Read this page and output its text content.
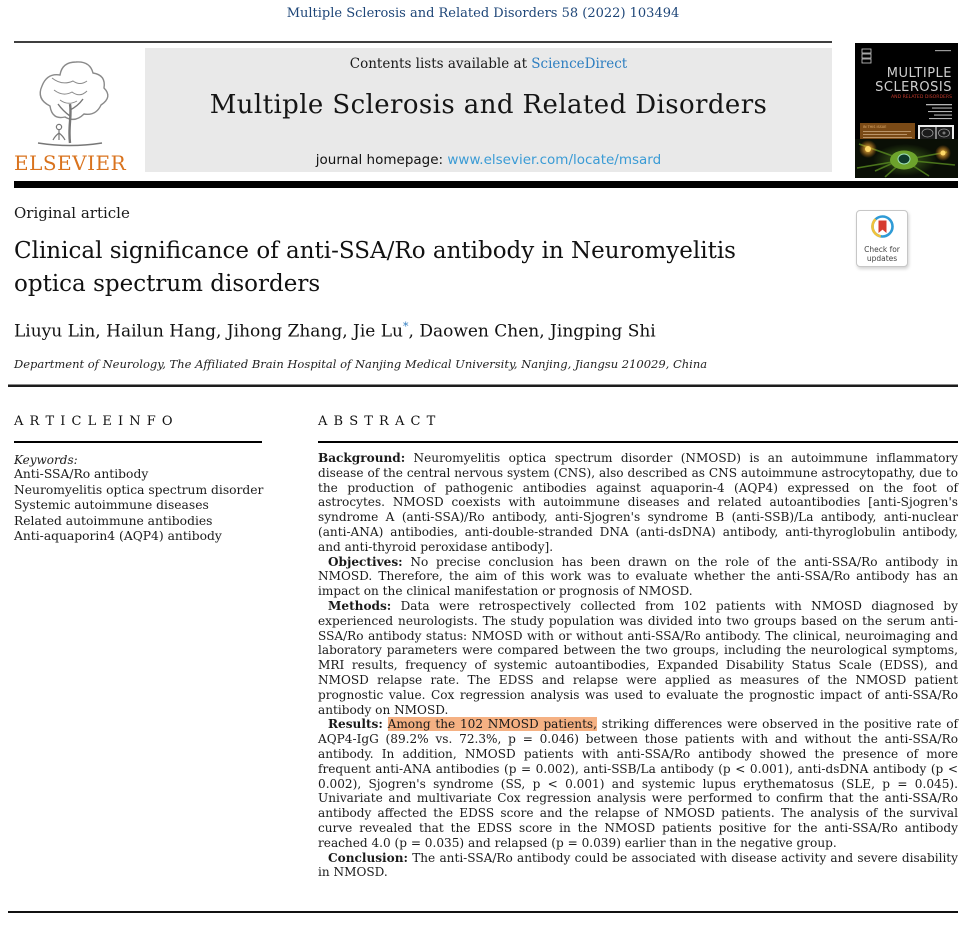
Multiple Sclerosis and Related Disorders 58 (2022) 103494
ELSEVIER
Contents lists available at ScienceDirect
Multiple Sclerosis and Related Disorders
journal homepage: www.elsevier.com/locate/msard
MULTIPLE
SCLEROSIS
AND RELATED DISORDERS
IN THIS ISSUE
Original article
Clinical significance of anti-SSA/Ro antibody in Neuromyelitis optica spectrum disorders
Check for
updates
Liuyu Lin, Hailun Hang, Jihong Zhang, Jie Lu*, Daowen Chen, Jingping Shi
Department of Neurology, The Affiliated Brain Hospital of Nanjing Medical University, Nanjing, Jiangsu 210029, China
A R T I C L E I N F O
Keywords:
Anti-SSA/Ro antibody
Neuromyelitis optica spectrum disorder
Systemic autoimmune diseases
Related autoimmune antibodies
Anti-aquaporin4 (AQP4) antibody
A B S T R A C T

Background: Neuromyelitis optica spectrum disorder (NMOSD) is an autoimmune inflammatory disease of the central nervous system (CNS), also described as CNS autoimmune astrocytopathy, due to the production of pathogenic antibodies against aquaporin-4 (AQP4) expressed on the foot of astrocytes. NMOSD coexists with autoimmune diseases and related autoantibodies [anti-Sjogren's syndrome A (anti-SSA)/Ro antibody, anti-Sjogren's syndrome B (anti-SSB)/La antibody, anti-nuclear (anti-ANA) antibodies, anti-double-stranded DNA (anti-dsDNA) antibody, anti-thyroglobulin antibody, and anti-thyroid peroxidase antibody].

Objectives: No precise conclusion has been drawn on the role of the anti-SSA/Ro antibody in NMOSD. Therefore, the aim of this work was to evaluate whether the anti-SSA/Ro antibody has an impact on the clinical manifestation or prognosis of NMOSD.

Methods: Data were retrospectively collected from 102 patients with NMOSD diagnosed by experienced neurologists. The study population was divided into two groups based on the serum anti-SSA/Ro antibody status: NMOSD with or without anti-SSA/Ro antibody. The clinical, neuroimaging and laboratory parameters were compared between the two groups, including the neurological symptoms, MRI results, frequency of systemic autoantibodies, Expanded Disability Status Scale (EDSS), and NMOSD relapse rate. The EDSS and relapse were applied as measures of the NMOSD patient prognostic value. Cox regression analysis was used to evaluate the prognostic impact of anti-SSA/Ro antibody on NMOSD.

Results: Among the 102 NMOSD patients, striking differences were observed in the positive rate of AQP4-IgG (89.2% vs. 72.3%, p = 0.046) between those patients with and without the anti-SSA/Ro antibody. In addition, NMOSD patients with anti-SSA/Ro antibody showed the presence of more frequent anti-ANA antibodies (p = 0.002), anti-SSB/La antibody (p < 0.001), anti-dsDNA antibody (p < 0.002), Sjogren's syndrome (SS, p < 0.001) and systemic lupus erythematosus (SLE, p = 0.045). Univariate and multivariate Cox regression analysis were performed to confirm that the anti-SSA/Ro antibody affected the EDSS score and the relapse of NMOSD patients. The analysis of the survival curve revealed that the EDSS score in the NMOSD patients positive for the anti-SSA/Ro antibody reached 4.0 (p = 0.035) and relapsed (p = 0.039) earlier than in the negative group.

Conclusion: The anti-SSA/Ro antibody could be associated with disease activity and severe disability in NMOSD.
